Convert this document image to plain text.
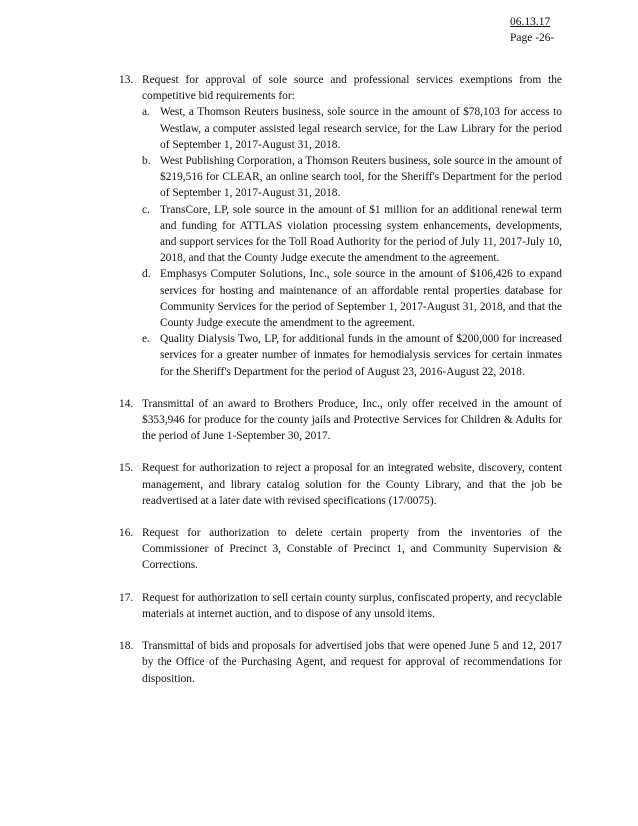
06.13.17
Page -26-
13. Request for approval of sole source and professional services exemptions from the competitive bid requirements for:
a. West, a Thomson Reuters business, sole source in the amount of $78,103 for access to Westlaw, a computer assisted legal research service, for the Law Library for the period of September 1, 2017-August 31, 2018.
b. West Publishing Corporation, a Thomson Reuters business, sole source in the amount of $219,516 for CLEAR, an online search tool, for the Sheriff's Department for the period of September 1, 2017-August 31, 2018.
c. TransCore, LP, sole source in the amount of $1 million for an additional renewal term and funding for ATTLAS violation processing system enhancements, developments, and support services for the Toll Road Authority for the period of July 11, 2017-July 10, 2018, and that the County Judge execute the amendment to the agreement.
d. Emphasys Computer Solutions, Inc., sole source in the amount of $106,426 to expand services for hosting and maintenance of an affordable rental properties database for Community Services for the period of September 1, 2017-August 31, 2018, and that the County Judge execute the amendment to the agreement.
e. Quality Dialysis Two, LP, for additional funds in the amount of $200,000 for increased services for a greater number of inmates for hemodialysis services for certain inmates for the Sheriff's Department for the period of August 23, 2016-August 22, 2018.
14. Transmittal of an award to Brothers Produce, Inc., only offer received in the amount of $353,946 for produce for the county jails and Protective Services for Children & Adults for the period of June 1-September 30, 2017.
15. Request for authorization to reject a proposal for an integrated website, discovery, content management, and library catalog solution for the County Library, and that the job be readvertised at a later date with revised specifications (17/0075).
16. Request for authorization to delete certain property from the inventories of the Commissioner of Precinct 3, Constable of Precinct 1, and Community Supervision & Corrections.
17. Request for authorization to sell certain county surplus, confiscated property, and recyclable materials at internet auction, and to dispose of any unsold items.
18. Transmittal of bids and proposals for advertised jobs that were opened June 5 and 12, 2017 by the Office of the Purchasing Agent, and request for approval of recommendations for disposition.
